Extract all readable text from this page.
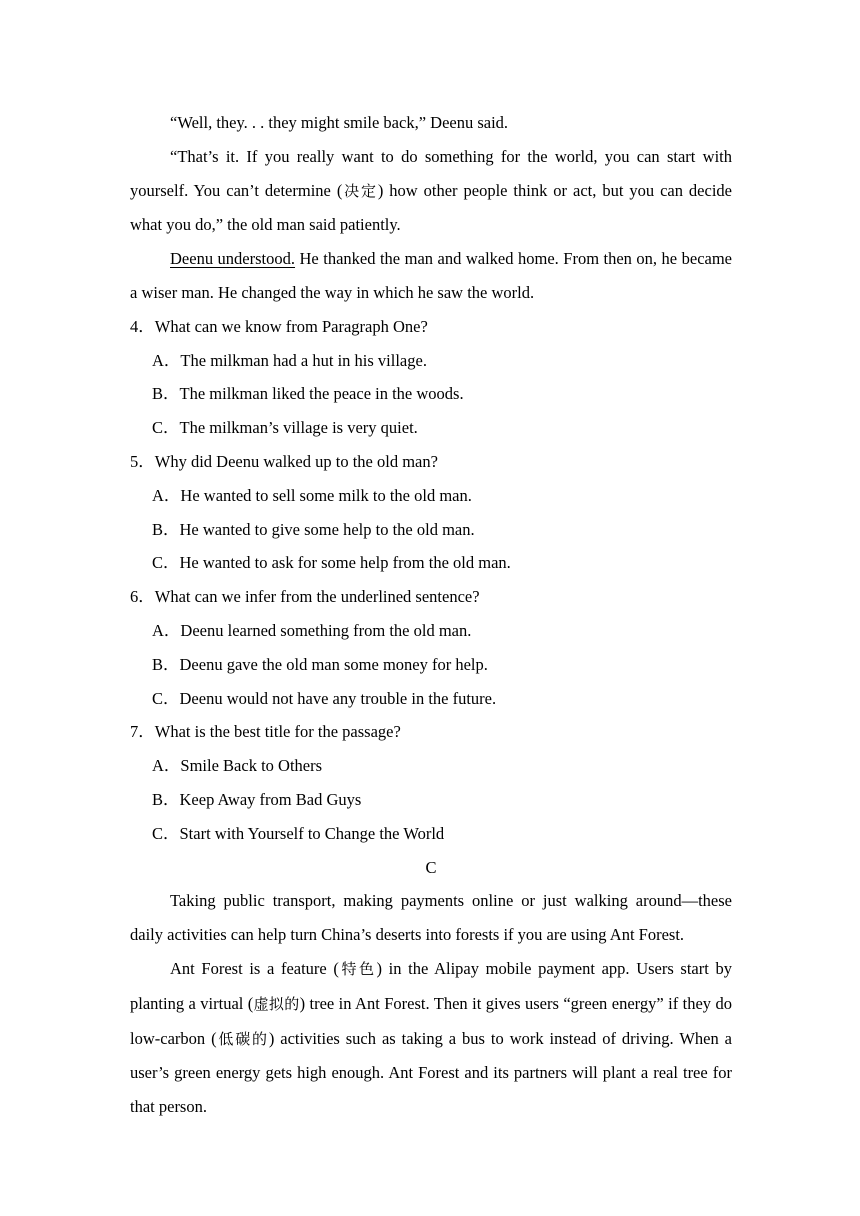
“Well, they. . . they might smile back,” Deenu said.

“That’s it. If you really want to do something for the world, you can start with yourself. You can’t determine (决定) how other people think or act, but you can decide what you do,” the old man said patiently.

Deenu understood. He thanked the man and walked home. From then on, he became a wiser man. He changed the way in which he saw the world.

4．What can we know from Paragraph One?

A．The milkman had a hut in his village.

B．The milkman liked the peace in the woods.

C．The milkman’s village is very quiet.

5．Why did Deenu walked up to the old man?

A．He wanted to sell some milk to the old man.

B．He wanted to give some help to the old man.

C．He wanted to ask for some help from the old man.

6．What can we infer from the underlined sentence?

A．Deenu learned something from the old man.

B．Deenu gave the old man some money for help.

C．Deenu would not have any trouble in the future.

7．What is the best title for the passage?

A．Smile Back to Others

B．Keep Away from Bad Guys

C．Start with Yourself to Change the World

C

Taking public transport, making payments online or just walking around—these daily activities can help turn China’s deserts into forests if you are using Ant Forest.

Ant Forest is a feature (特色) in the Alipay mobile payment app. Users start by planting a virtual (虚拟的) tree in Ant Forest. Then it gives users “green energy” if they do low-carbon (低碳的) activities such as taking a bus to work instead of driving. When a user’s green energy gets high enough. Ant Forest and its partners will plant a real tree for that person.
